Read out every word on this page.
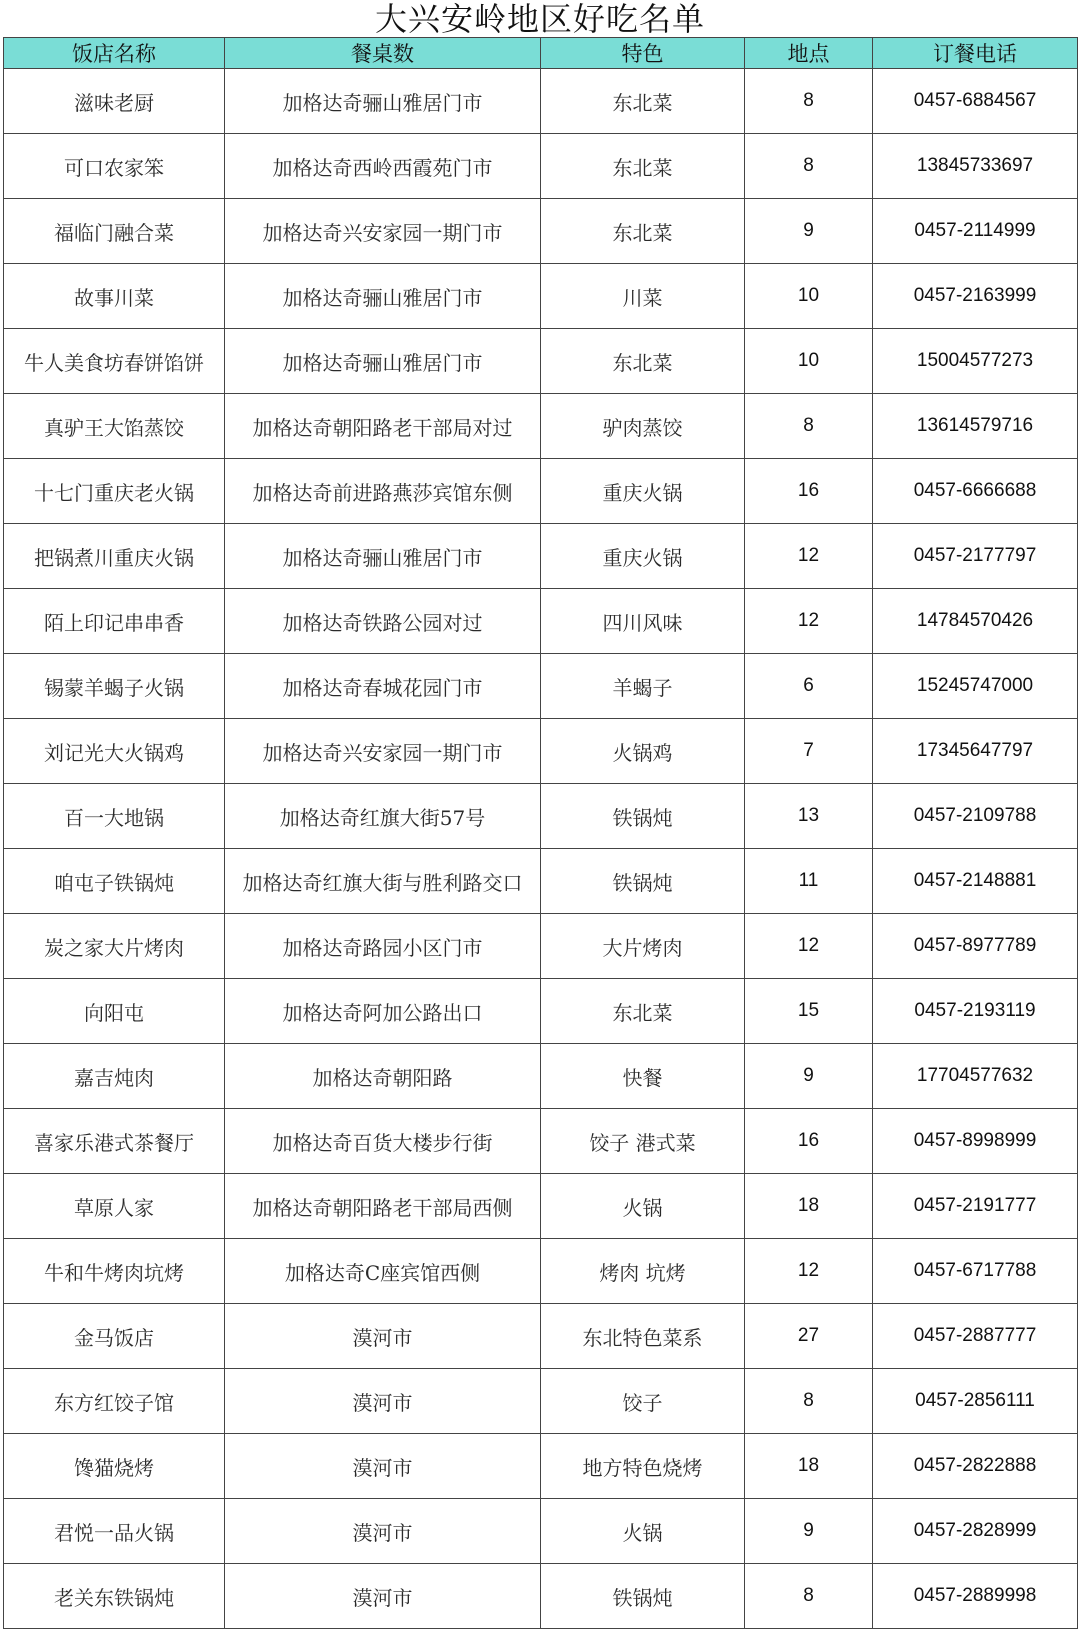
大兴安岭地区好吃名单
饭店名称	餐桌数	特色	地点	订餐电话
滋味老厨	加格达奇骊山雅居门市	东北菜	8	0457-6884567
可口农家笨	加格达奇西岭西霞苑门市	东北菜	8	13845733697
福临门融合菜	加格达奇兴安家园一期门市	东北菜	9	0457-2114999
故事川菜	加格达奇骊山雅居门市	川菜	10	0457-2163999
牛人美食坊春饼馅饼	加格达奇骊山雅居门市	东北菜	10	15004577273
真驴王大馅蒸饺	加格达奇朝阳路老干部局对过	驴肉蒸饺	8	13614579716
十七门重庆老火锅	加格达奇前进路燕莎宾馆东侧	重庆火锅	16	0457-6666688
把锅煮川重庆火锅	加格达奇骊山雅居门市	重庆火锅	12	0457-2177797
陌上印记串串香	加格达奇铁路公园对过	四川风味	12	14784570426
锡蒙羊蝎子火锅	加格达奇春城花园门市	羊蝎子	6	15245747000
刘记光大火锅鸡	加格达奇兴安家园一期门市	火锅鸡	7	17345647797
百一大地锅	加格达奇红旗大街57号	铁锅炖	13	0457-2109788
咱屯子铁锅炖	加格达奇红旗大街与胜利路交口	铁锅炖	11	0457-2148881
炭之家大片烤肉	加格达奇路园小区门市	大片烤肉	12	0457-8977789
向阳屯	加格达奇阿加公路出口	东北菜	15	0457-2193119
嘉吉炖肉	加格达奇朝阳路	快餐	9	17704577632
喜家乐港式茶餐厅	加格达奇百货大楼步行街	饺子 港式菜	16	0457-8998999
草原人家	加格达奇朝阳路老干部局西侧	火锅	18	0457-2191777
牛和牛烤肉坑烤	加格达奇C座宾馆西侧	烤肉 坑烤	12	0457-6717788
金马饭店	漠河市	东北特色菜系	27	0457-2887777
东方红饺子馆	漠河市	饺子	8	0457-2856111
馋猫烧烤	漠河市	地方特色烧烤	18	0457-2822888
君悦一品火锅	漠河市	火锅	9	0457-2828999
老关东铁锅炖	漠河市	铁锅炖	8	0457-2889998
